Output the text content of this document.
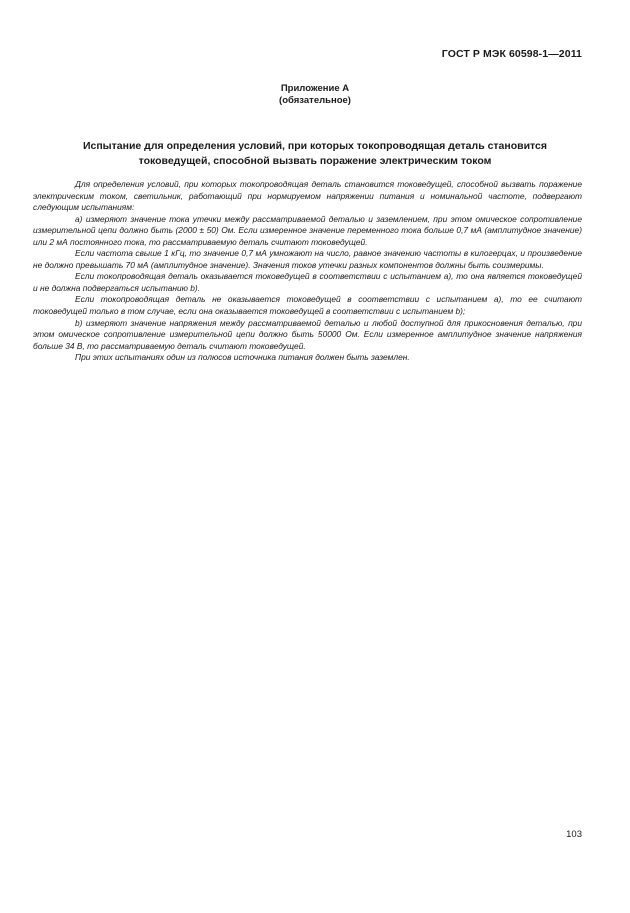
ГОСТ Р МЭК 60598-1—2011
Приложение А
(обязательное)
Испытание для определения условий, при которых токопроводящая деталь становится
токоведущей, способной вызвать поражение электрическим током

Для определения условий, при которых токопроводящая деталь становится токоведущей, способной вызвать поражение электрическим током, светильник, работающий при нормируемом напряжении питания и номинальной частоте, подвергают следующим испытаниям:

а) измеряют значение тока утечки между рассматриваемой деталью и заземлением, при этом омическое сопротивление измерительной цепи должно быть (2000 ± 50) Ом. Если измеренное значение переменного тока больше 0,7 мА (амплитудное значение) или 2 мА постоянного тока, то рассматриваемую деталь считают токоведущей.

Если частота свыше 1 кГц, то значение 0,7 мА умножают на число, равное значению частоты в килогерцах, и произведение не должно превышать 70 мА (амплитудное значение). Значения токов утечки разных компонентов должны быть соизмеримы.

Если токопроводящая деталь оказывается токоведущей в соответствии с испытанием а), то она является токоведущей и не должна подвергаться испытанию b).

Если токопроводящая деталь не оказывается токоведущей в соответствии с испытанием а), то ее считают токоведущей только в том случае, если она оказывается токоведущей в соответствии с испытанием b);

b) измеряют значение напряжения между рассматриваемой деталью и любой доступной для прикосновения деталью, при этом омическое сопротивление измерительной цепи должно быть 50000 Ом. Если измеренное амплитудное значение напряжения больше 34 В, то рассматриваемую деталь считают токоведущей.

При этих испытаниях один из полюсов источника питания должен быть заземлен.

103
